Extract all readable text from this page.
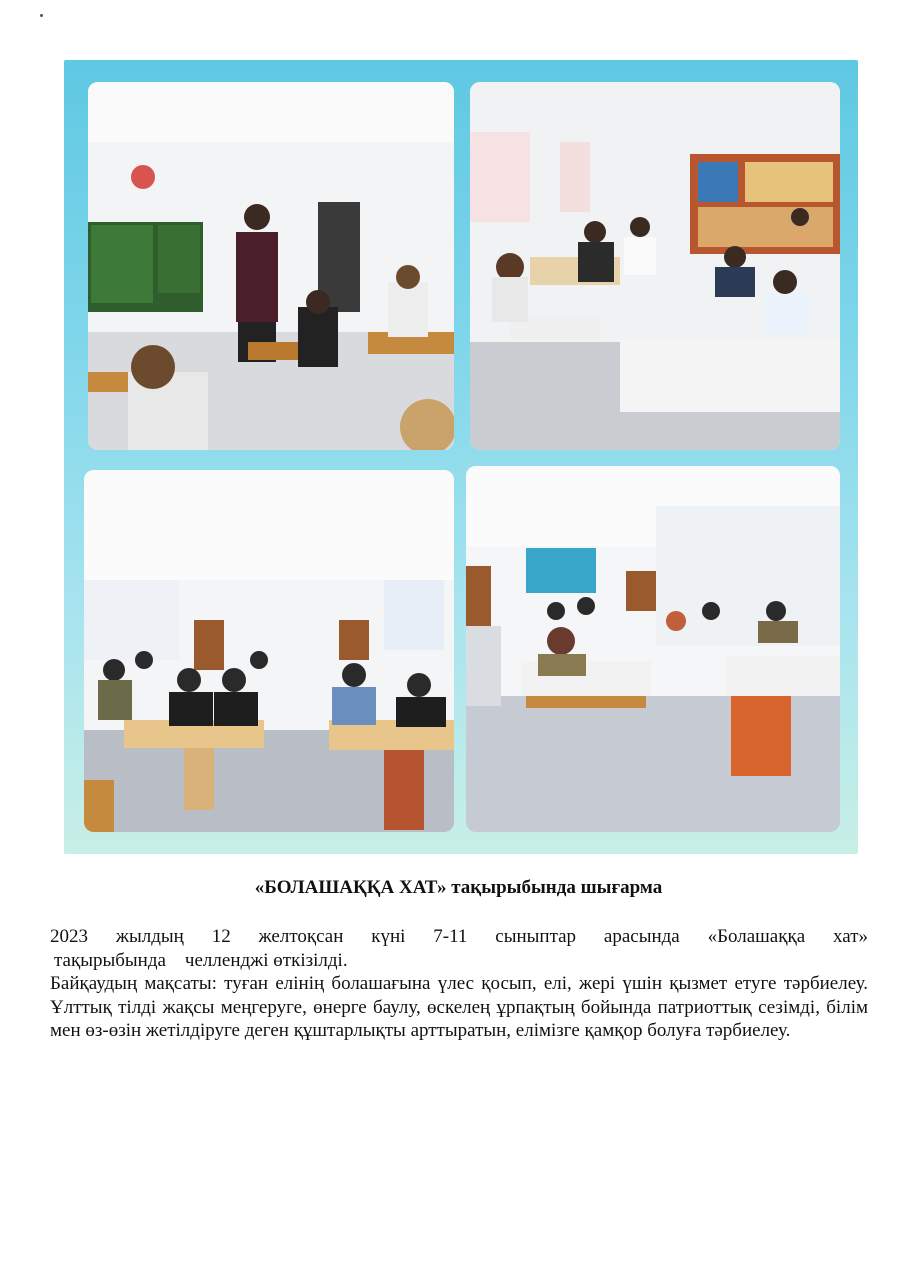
«БОЛАШАҚҚА ХАТ» тақырыбында шығарма

2023 жылдың 12 желтоқсан күні 7-11 сыныптар арасында «Болашаққа хат»

тақырыбында    челленджі өткізілді.

Байқаудың мақсаты: туған елінің болашағына үлес қосып, елі, жері үшін қызмет етуге тәрбиелеу. Ұлттық тілді жақсы меңгеруге, өнерге баулу, өскелең ұрпақтың бойында патриоттық сезімді, білім мен өз-өзін жетілдіруге деген құштарлықты арттыратын, елімізге қамқор болуға тәрбиелеу.
